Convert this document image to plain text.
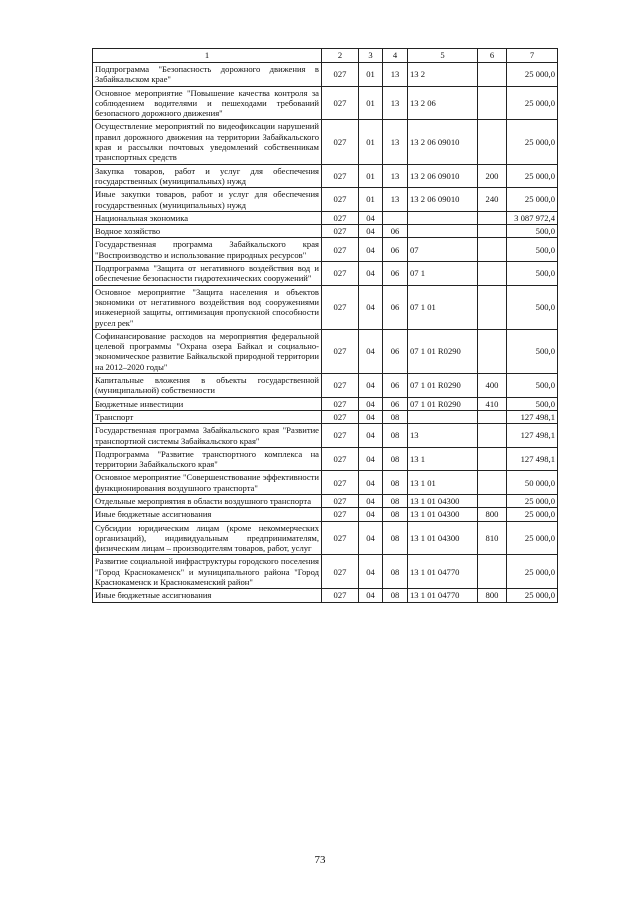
1	2	3	4	5	6	7
Подпрограмма "Безопасность дорожного движения в Забайкальском крае"	027	01	13	13 2		25 000,0
Основное мероприятие "Повышение качества контроля за соблюдением водителями и пешеходами требований безопасного дорожного движения"	027	01	13	13 2 06		25 000,0
Осуществление мероприятий по видеофиксации нарушений правил дорожного движения на территории Забайкальского края и рассылки почтовых уведомлений собственникам транспортных средств	027	01	13	13 2 06 09010		25 000,0
Закупка товаров, работ и услуг для обеспечения государственных (муниципальных) нужд	027	01	13	13 2 06 09010	200	25 000,0
Иные закупки товаров, работ и услуг для обеспечения государственных (муниципальных) нужд	027	01	13	13 2 06 09010	240	25 000,0
Национальная экономика	027	04				3 087 972,4
Водное хозяйство	027	04	06			500,0
Государственная программа Забайкальского края "Воспроизводство и использование природных ресурсов"	027	04	06	07		500,0
Подпрограмма "Защита от негативного воздействия вод и обеспечение безопасности гидротехнических сооружений"	027	04	06	07 1		500,0
Основное мероприятие "Защита населения и объектов экономики от негативного воздействия вод сооружениями инженерной защиты, оптимизация пропускной способности русел рек"	027	04	06	07 1 01		500,0
Софинансирование расходов на мероприятия федеральной целевой программы "Охрана озера Байкал и социально-экономическое развитие Байкальской природной территории на 2012–2020 годы"	027	04	06	07 1 01 R0290		500,0
Капитальные вложения в объекты государственной (муниципальной) собственности	027	04	06	07 1 01 R0290	400	500,0
Бюджетные инвестиции	027	04	06	07 1 01 R0290	410	500,0
Транспорт	027	04	08			127 498,1
Государственная программа Забайкальского края "Развитие транспортной системы Забайкальского края"	027	04	08	13		127 498,1
Подпрограмма "Развитие транспортного комплекса на территории Забайкальского края"	027	04	08	13 1		127 498,1
Основное мероприятие "Совершенствование эффективности функционирования воздушного транспорта"	027	04	08	13 1 01		50 000,0
Отдельные мероприятия в области воздушного транспорта	027	04	08	13 1 01 04300		25 000,0
Иные бюджетные ассигнования	027	04	08	13 1 01 04300	800	25 000,0
Субсидии юридическим лицам (кроме некоммерческих организаций), индивидуальным предпринимателям, физическим лицам – производителям товаров, работ, услуг	027	04	08	13 1 01 04300	810	25 000,0
Развитие социальной инфраструктуры городского поселения "Город Краснокаменск" и муниципального района "Город Краснокаменск и Краснокаменский район"	027	04	08	13 1 01 04770		25 000,0
Иные бюджетные ассигнования	027	04	08	13 1 01 04770	800	25 000,0
73
